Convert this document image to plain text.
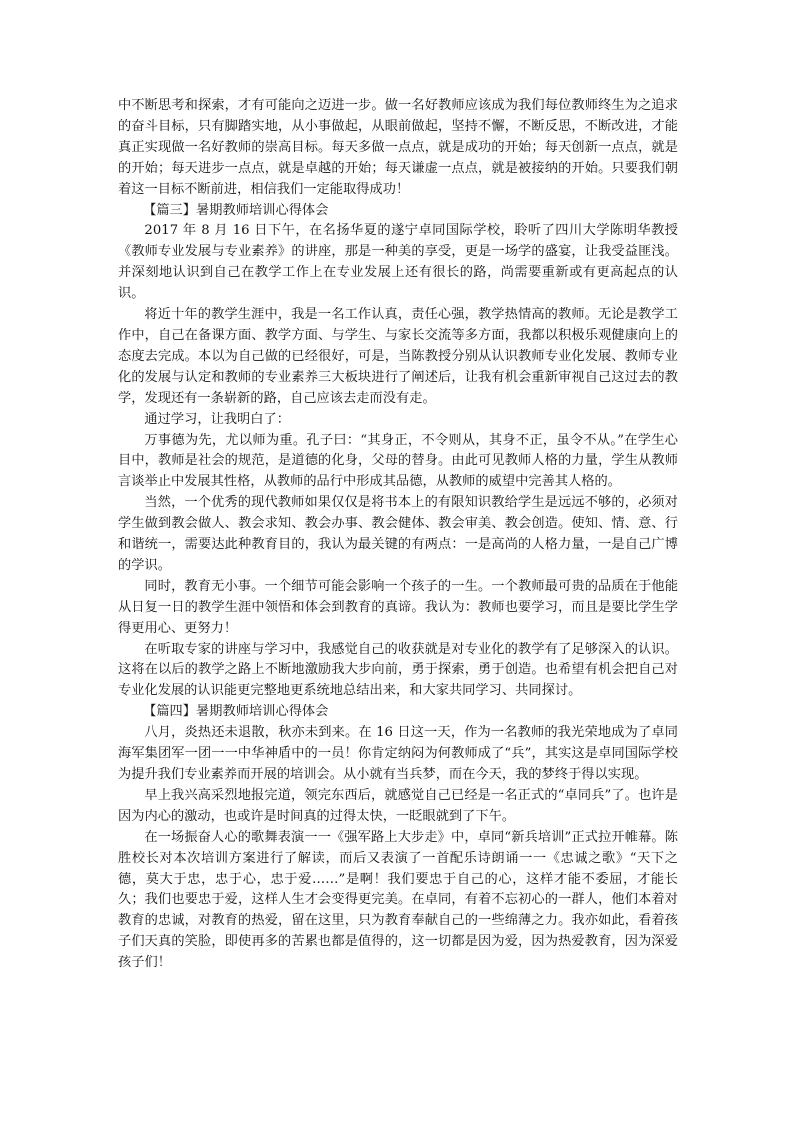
中不断思考和探索，才有可能向之迈进一步。做一名好教师应该成为我们每位教师终生为之追求的奋斗目标，只有脚踏实地，从小事做起，从眼前做起，坚持不懈，不断反思，不断改进，才能真正实现做一名好教师的崇高目标。每天多做一点点，就是成功的开始；每天创新一点点，就是的开始；每天进步一点点，就是卓越的开始；每天谦虚一点点，就是被接纳的开始。只要我们朝着这一目标不断前进，相信我们一定能取得成功！

【篇三】暑期教师培训心得体会

2017 年 8 月 16 日下午，在名扬华夏的遂宁卓同国际学校，聆听了四川大学陈明华教授《教师专业发展与专业素养》的讲座，那是一种美的享受，更是一场学的盛宴，让我受益匪浅。并深刻地认识到自己在教学工作上在专业发展上还有很长的路，尚需要重新或有更高起点的认识。

将近十年的教学生涯中，我是一名工作认真，责任心强，教学热情高的教师。无论是教学工作中，自己在备课方面、教学方面、与学生、与家长交流等多方面，我都以积极乐观健康向上的态度去完成。本以为自己做的已经很好，可是，当陈教授分别从认识教师专业化发展、教师专业化的发展与认定和教师的专业素养三大板块进行了阐述后，让我有机会重新审视自己这过去的教学，发现还有一条崭新的路，自己应该去走而没有走。

通过学习，让我明白了：

万事德为先，尤以师为重。孔子曰：“其身正，不令则从，其身不正，虽令不从。”在学生心目中，教师是社会的规范，是道德的化身，父母的替身。由此可见教师人格的力量，学生从教师言谈举止中发展其性格，从教师的品行中形成其品德，从教师的威望中完善其人格的。

当然，一个优秀的现代教师如果仅仅是将书本上的有限知识教给学生是远远不够的，必须对学生做到教会做人、教会求知、教会办事、教会健体、教会审美、教会创造。使知、情、意、行和谐统一，需要达此种教育目的，我认为最关键的有两点：一是高尚的人格力量，一是自己广博的学识。

同时，教育无小事。一个细节可能会影响一个孩子的一生。一个教师最可贵的品质在于他能从日复一日的教学生涯中领悟和体会到教育的真谛。我认为：教师也要学习，而且是要比学生学得更用心、更努力！

在听取专家的讲座与学习中，我感觉自己的收获就是对专业化的教学有了足够深入的认识。这将在以后的教学之路上不断地激励我大步向前，勇于探索，勇于创造。也希望有机会把自己对专业化发展的认识能更完整地更系统地总结出来，和大家共同学习、共同探讨。

【篇四】暑期教师培训心得体会

八月，炎热还未退散，秋亦未到来。在 16 日这一天，作为一名教师的我光荣地成为了卓同海军集团军一团一一中华神盾中的一员！你肯定纳闷为何教师成了“兵”，其实这是卓同国际学校为提升我们专业素养而开展的培训会。从小就有当兵梦，而在今天，我的梦终于得以实现。

早上我兴高采烈地报完道，领完东西后，就感觉自己已经是一名正式的“卓同兵”了。也许是因为内心的激动，也或许是时间真的过得太快，一眨眼就到了下午。

在一场振奋人心的歌舞表演一一《强军路上大步走》中，卓同“新兵培训”正式拉开帷幕。陈胜校长对本次培训方案进行了解读，而后又表演了一首配乐诗朗诵一一《忠诚之歌》“天下之德，莫大于忠，忠于心，忠于爱……”是啊！我们要忠于自己的心，这样才能不委屈，才能长久；我们也要忠于爱，这样人生才会变得更完美。在卓同，有着不忘初心的一群人，他们本着对教育的忠诚，对教育的热爱，留在这里，只为教育奉献自己的一些绵薄之力。我亦如此，看着孩子们天真的笑脸，即使再多的苦累也都是值得的，这一切都是因为爱，因为热爱教育，因为深爱孩子们！
